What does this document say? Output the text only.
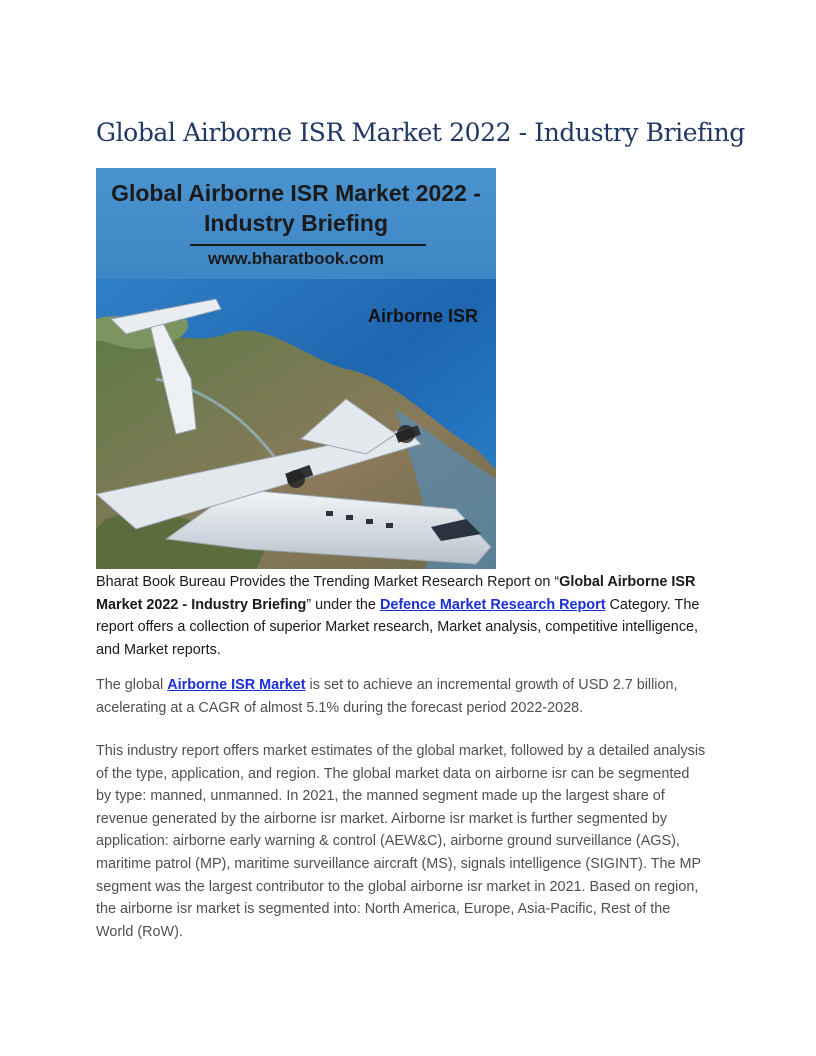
Global Airborne ISR Market 2022 - Industry Briefing

Global Airborne ISR Market 2022 -
Industry Briefing

www.bharatbook.com
Airborne ISR

Bharat Book Bureau Provides the Trending Market Research Report on “Global Airborne ISR Market 2022 - Industry Briefing” under the Defence Market Research Report Category. The report offers a collection of superior Market research, Market analysis, competitive intelligence, and Market reports.

The global Airborne ISR Market is set to achieve an incremental growth of USD 2.7 billion, acelerating at a CAGR of almost 5.1% during the forecast period 2022-2028.

This industry report offers market estimates of the global market, followed by a detailed analysis of the type, application, and region. The global market data on airborne isr can be segmented by type: manned, unmanned. In 2021, the manned segment made up the largest share of revenue generated by the airborne isr market. Airborne isr market is further segmented by application: airborne early warning & control (AEW&C), airborne ground surveillance (AGS), maritime patrol (MP), maritime surveillance aircraft (MS), signals intelligence (SIGINT). The MP segment was the largest contributor to the global airborne isr market in 2021. Based on region, the airborne isr market is segmented into: North America, Europe, Asia-Pacific, Rest of the World (RoW).
